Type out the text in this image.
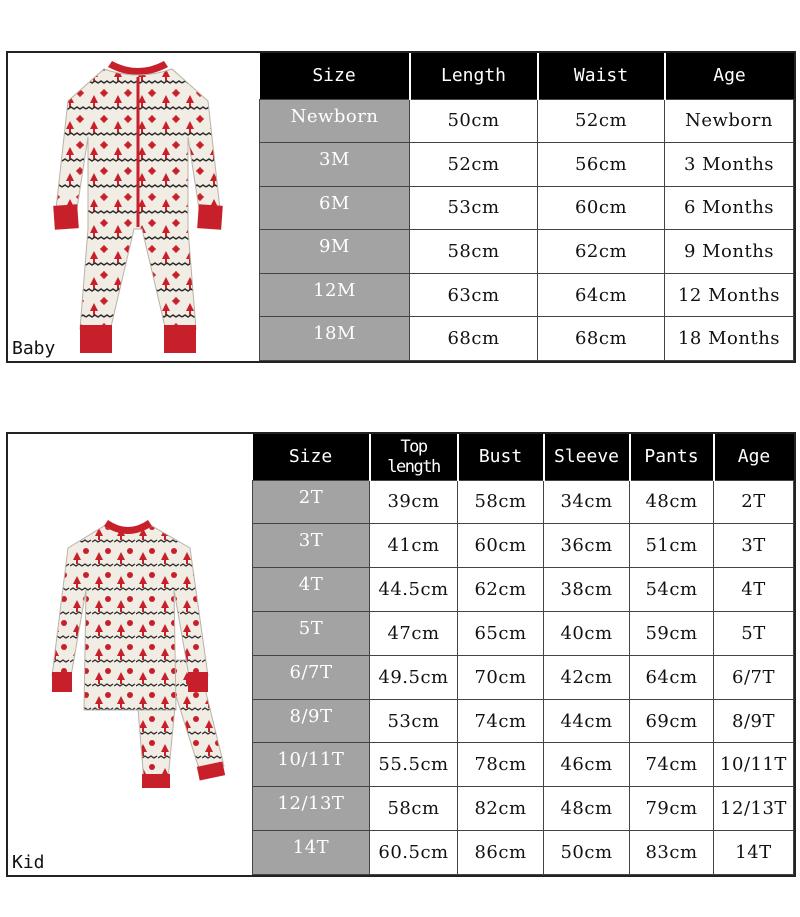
Baby
Size	Length	Waist	Age
Newborn	50cm	52cm	Newborn
3M	52cm	56cm	3 Months
6M	53cm	60cm	6 Months
9M	58cm	62cm	9 Months
12M	63cm	64cm	12 Months
18M	68cm	68cm	18 Months
Kid
Size	Top length	Bust	Sleeve	Pants	Age
2T	39cm	58cm	34cm	48cm	2T
3T	41cm	60cm	36cm	51cm	3T
4T	44.5cm	62cm	38cm	54cm	4T
5T	47cm	65cm	40cm	59cm	5T
6/7T	49.5cm	70cm	42cm	64cm	6/7T
8/9T	53cm	74cm	44cm	69cm	8/9T
10/11T	55.5cm	78cm	46cm	74cm	10/11T
12/13T	58cm	82cm	48cm	79cm	12/13T
14T	60.5cm	86cm	50cm	83cm	14T
